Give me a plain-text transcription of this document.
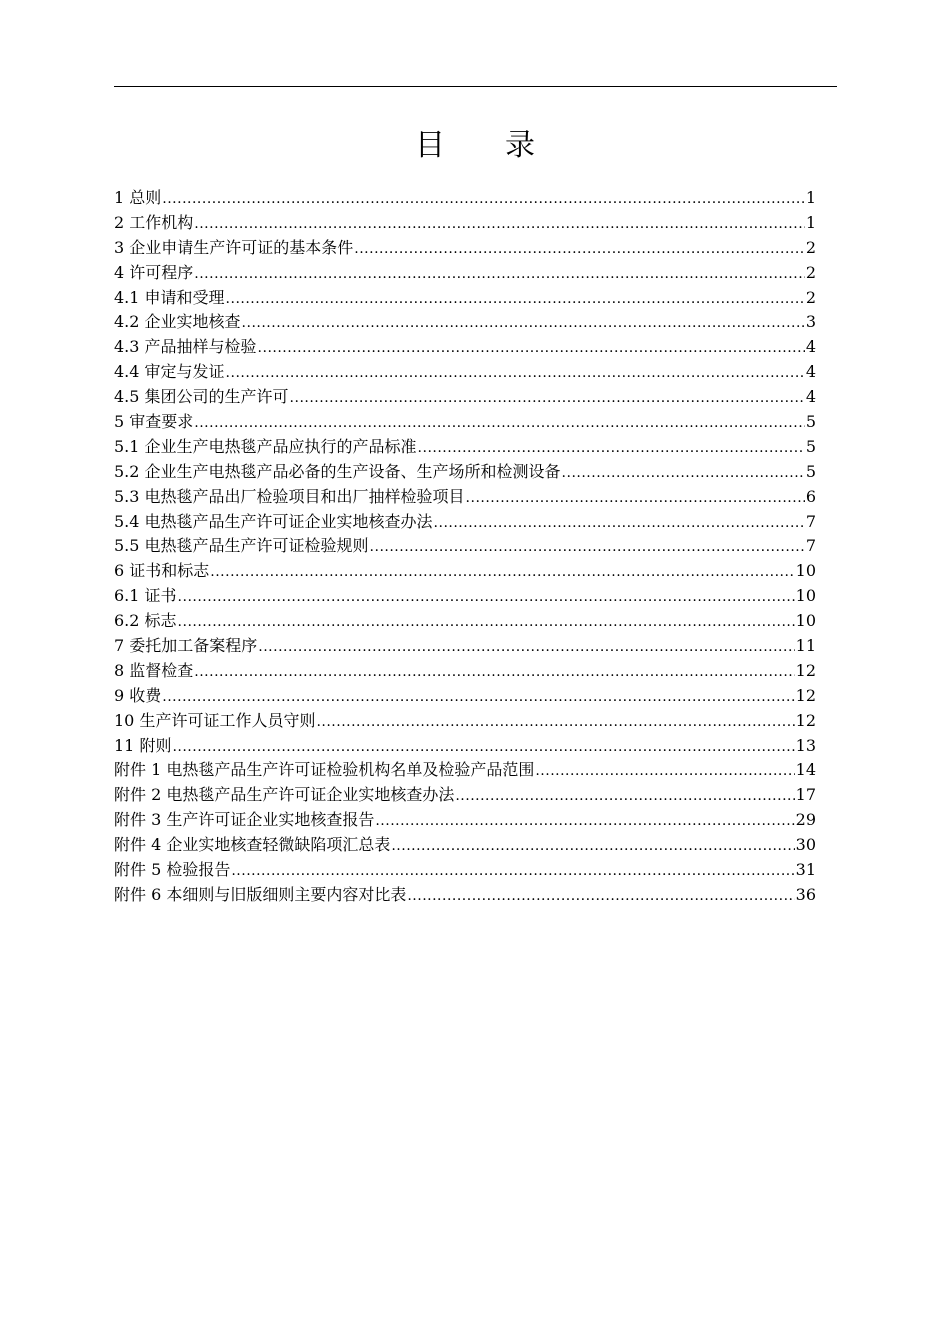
目　　录
1 总则 .....	1
2 工作机构 .....	1
3 企业申请生产许可证的基本条件 .....	2
4 许可程序 .....	2
4.1 申请和受理 .....	2
4.2 企业实地核查 .....	3
4.3 产品抽样与检验 .....	4
4.4 审定与发证 .....	4
4.5 集团公司的生产许可 .....	4
5 审查要求 .....	5
5.1 企业生产电热毯产品应执行的产品标准 .....	5
5.2 企业生产电热毯产品必备的生产设备、生产场所和检测设备 .....	5
5.3 电热毯产品出厂检验项目和出厂抽样检验项目 .....	6
5.4 电热毯产品生产许可证企业实地核查办法 .....	7
5.5 电热毯产品生产许可证检验规则 .....	7
6 证书和标志 .....	10
6.1 证书 .....	10
6.2 标志 .....	10
7 委托加工备案程序 .....	11
8 监督检查 .....	12
9 收费 .....	12
10 生产许可证工作人员守则 .....	12
11 附则 .....	13
附件 1 电热毯产品生产许可证检验机构名单及检验产品范围 .....	14
附件 2 电热毯产品生产许可证企业实地核查办法 .....	17
附件 3 生产许可证企业实地核查报告 .....	29
附件 4 企业实地核查轻微缺陷项汇总表 .....	30
附件 5 检验报告 .....	31
附件 6 本细则与旧版细则主要内容对比表 .....	36
